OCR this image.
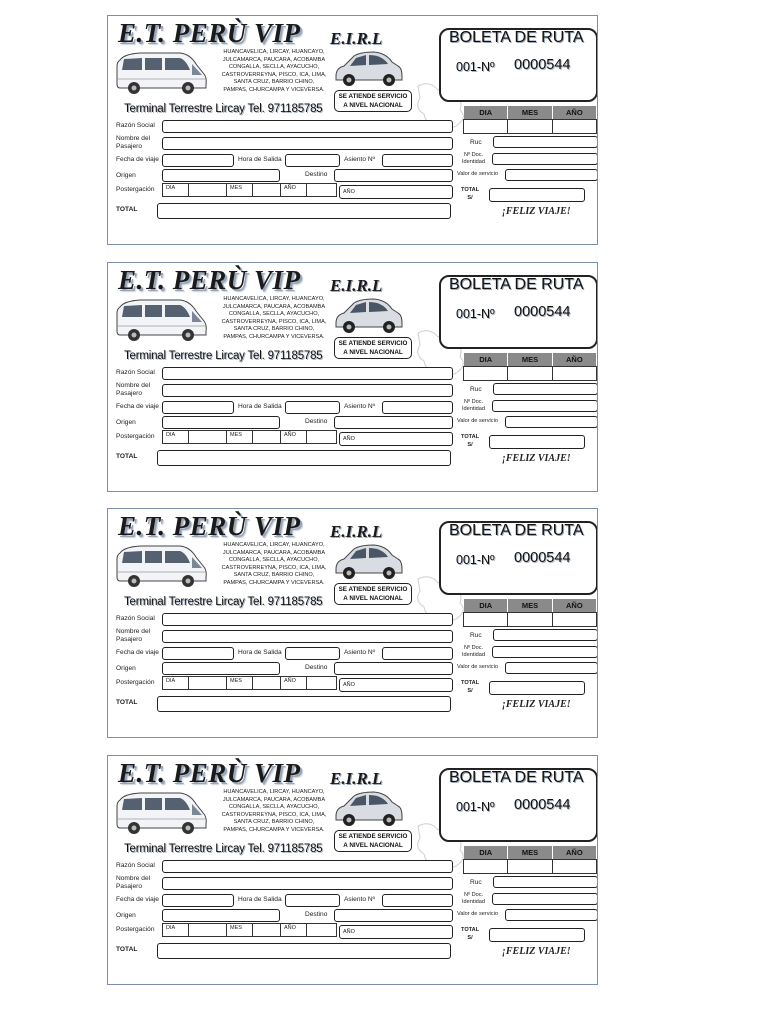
E.T. PERÙ VIP E.I.R.L
HUANCAVELICA, LIRCAY, HUANCAYO,
JULCAMARCA, PAUCARA, ACOBAMBA
CONGALLA, SECLLA, AYACUCHO,
CASTROVERREYNA, PISCO, ICA, LIMA,
SANTA CRUZ, BARRIO CHINO,
PAMPAS, CHURCAMPA Y VICEVERSA.
SE ATIENDE SERVICIO
A NIVEL NACIONAL
Terminal Terrestre Lircay Tel. 971185785
BOLETA DE RUTA
001-Nº 0000544
DIA	MES	AÑO
Razón Social
Nombre del
Pasajero
Fecha de viaje	Hora de Salida	Asiento Nº
Origen	Destino
Postergación	DIA	MES	AÑO
AÑO
TOTAL
Ruc
Nº Doc.
Identidad
Valor de servicio
TOTAL
S/
¡FELIZ VIAJE!
E.T. PERÙ VIP E.I.R.L
HUANCAVELICA, LIRCAY, HUANCAYO,
JULCAMARCA, PAUCARA, ACOBAMBA
CONGALLA, SECLLA, AYACUCHO,
CASTROVERREYNA, PISCO, ICA, LIMA,
SANTA CRUZ, BARRIO CHINO,
PAMPAS, CHURCAMPA Y VICEVERSA.
SE ATIENDE SERVICIO
A NIVEL NACIONAL
Terminal Terrestre Lircay Tel. 971185785
BOLETA DE RUTA
001-Nº 0000544
DIA	MES	AÑO
Razón Social
Nombre del
Pasajero
Fecha de viaje	Hora de Salida	Asiento Nº
Origen	Destino
Postergación	DIA	MES	AÑO
AÑO
TOTAL
Ruc
Nº Doc.
Identidad
Valor de servicio
TOTAL
S/
¡FELIZ VIAJE!
E.T. PERÙ VIP E.I.R.L
HUANCAVELICA, LIRCAY, HUANCAYO,
JULCAMARCA, PAUCARA, ACOBAMBA
CONGALLA, SECLLA, AYACUCHO,
CASTROVERREYNA, PISCO, ICA, LIMA,
SANTA CRUZ, BARRIO CHINO,
PAMPAS, CHURCAMPA Y VICEVERSA.
SE ATIENDE SERVICIO
A NIVEL NACIONAL
Terminal Terrestre Lircay Tel. 971185785
BOLETA DE RUTA
001-Nº 0000544
DIA	MES	AÑO
Razón Social
Nombre del
Pasajero
Fecha de viaje	Hora de Salida	Asiento Nº
Origen	Destino
Postergación	DIA	MES	AÑO
AÑO
TOTAL
Ruc
Nº Doc.
Identidad
Valor de servicio
TOTAL
S/
¡FELIZ VIAJE!
E.T. PERÙ VIP E.I.R.L
HUANCAVELICA, LIRCAY, HUANCAYO,
JULCAMARCA, PAUCARA, ACOBAMBA
CONGALLA, SECLLA, AYACUCHO,
CASTROVERREYNA, PISCO, ICA, LIMA,
SANTA CRUZ, BARRIO CHINO,
PAMPAS, CHURCAMPA Y VICEVERSA.
SE ATIENDE SERVICIO
A NIVEL NACIONAL
Terminal Terrestre Lircay Tel. 971185785
BOLETA DE RUTA
001-Nº 0000544
DIA	MES	AÑO
Razón Social
Nombre del
Pasajero
Fecha de viaje	Hora de Salida	Asiento Nº
Origen	Destino
Postergación	DIA	MES	AÑO
AÑO
TOTAL
Ruc
Nº Doc.
Identidad
Valor de servicio
TOTAL
S/
¡FELIZ VIAJE!
